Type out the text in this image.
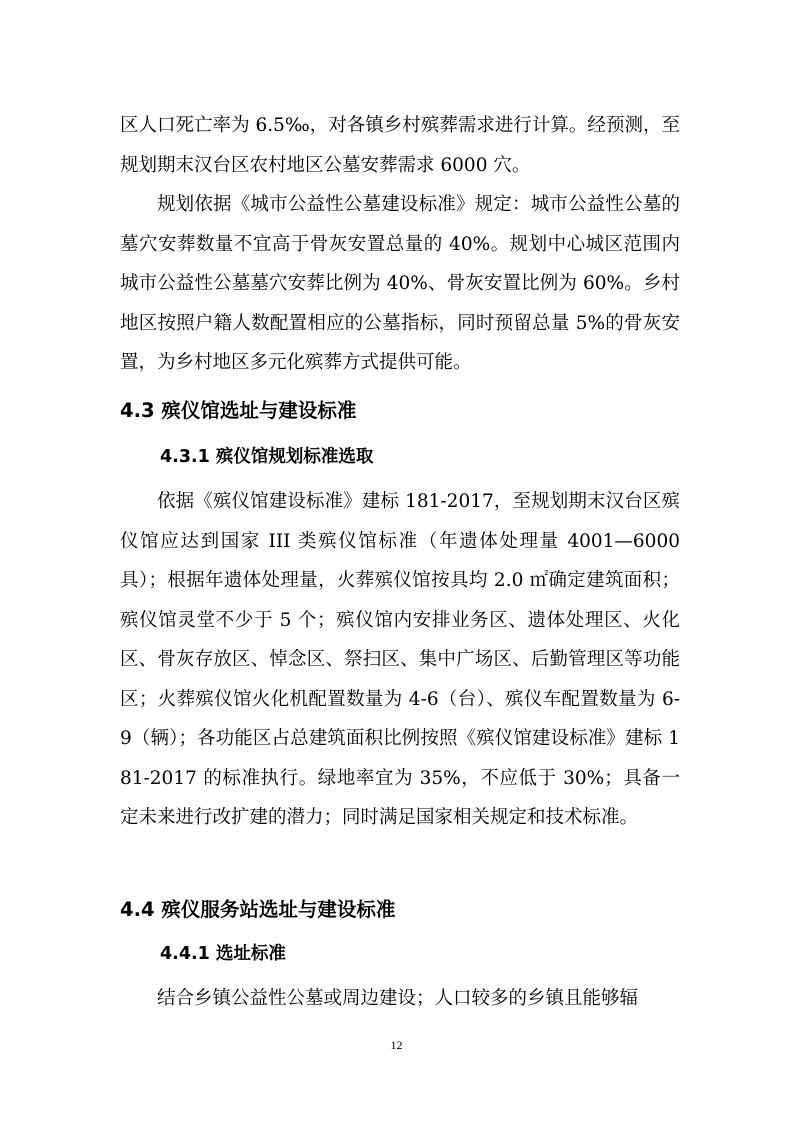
区人口死亡率为 6.5‰，对各镇乡村殡葬需求进行计算。经预测，至规划期末汉台区农村地区公墓安葬需求 6000 穴。

规划依据《城市公益性公墓建设标准》规定：城市公益性公墓的墓穴安葬数量不宜高于骨灰安置总量的 40%。规划中心城区范围内城市公益性公墓墓穴安葬比例为 40%、骨灰安置比例为 60%。乡村地区按照户籍人数配置相应的公墓指标，同时预留总量 5%的骨灰安置，为乡村地区多元化殡葬方式提供可能。

4.3 殡仪馆选址与建设标准
4.3.1 殡仪馆规划标准选取

依据《殡仪馆建设标准》建标 181-2017，至规划期末汉台区殡仪馆应达到国家 III 类殡仪馆标准（年遗体处理量 4001—6000 具）；根据年遗体处理量，火葬殡仪馆按具均 2.0 ㎡确定建筑面积；殡仪馆灵堂不少于 5 个；殡仪馆内安排业务区、遗体处理区、火化区、骨灰存放区、悼念区、祭扫区、集中广场区、后勤管理区等功能区；火葬殡仪馆火化机配置数量为 4-6（台）、殡仪车配置数量为 6-9（辆）；各功能区占总建筑面积比例按照《殡仪馆建设标准》建标 181-2017 的标准执行。绿地率宜为 35%，不应低于 30%；具备一定未来进行改扩建的潜力；同时满足国家相关规定和技术标准。

4.4 殡仪服务站选址与建设标准
4.4.1 选址标准

结合乡镇公益性公墓或周边建设；人口较多的乡镇且能够辐

12
